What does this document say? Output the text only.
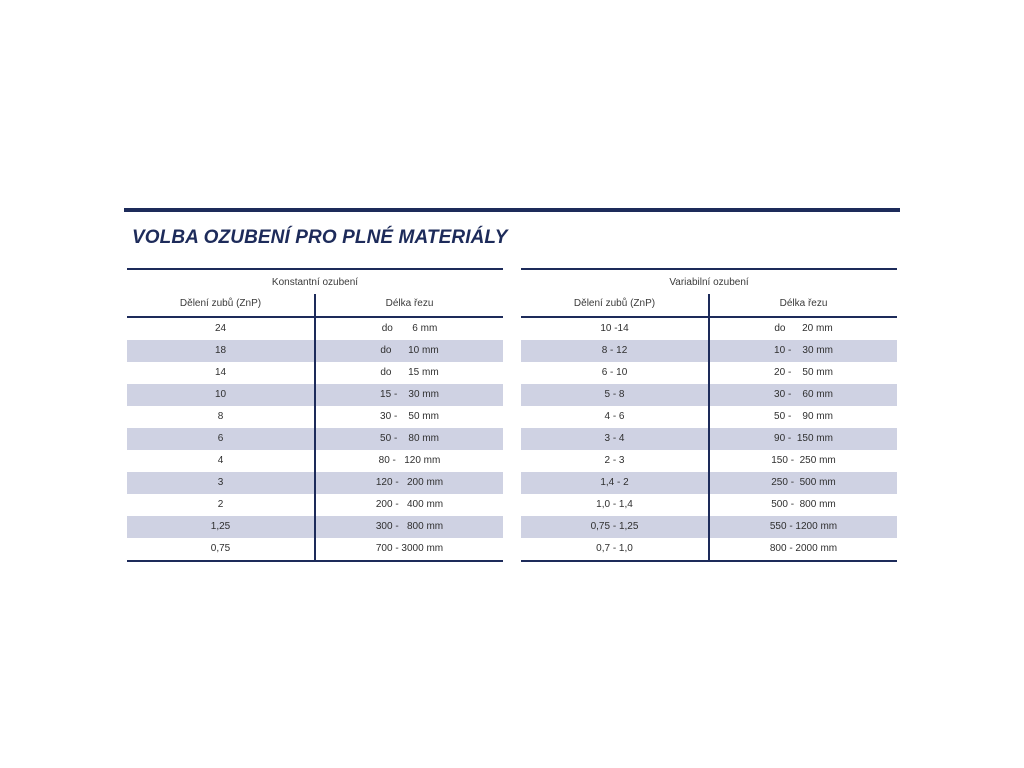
VOLBA OZUBENÍ PRO PLNÉ MATERIÁLY
Konstantní ozubení
Dělení zubů (ZnP)	Délka řezu
24	do       6 mm
18	do      10 mm
14	do      15 mm
10	15 -    30 mm
8	30 -    50 mm
6	50 -    80 mm
4	80 -   120 mm
3	120 -   200 mm
2	200 -   400 mm
1,25	300 -   800 mm
0,75	700 - 3000 mm
Variabilní ozubení
Dělení zubů (ZnP)	Délka řezu
10 -14	do      20 mm
8 - 12	10 -    30 mm
6 - 10	20 -    50 mm
5 - 8	30 -    60 mm
4 - 6	50 -    90 mm
3 - 4	90 -  150 mm
2 - 3	150 -  250 mm
1,4 - 2	250 -  500 mm
1,0 - 1,4	500 -  800 mm
0,75 - 1,25	550 - 1200 mm
0,7 - 1,0	800 - 2000 mm
